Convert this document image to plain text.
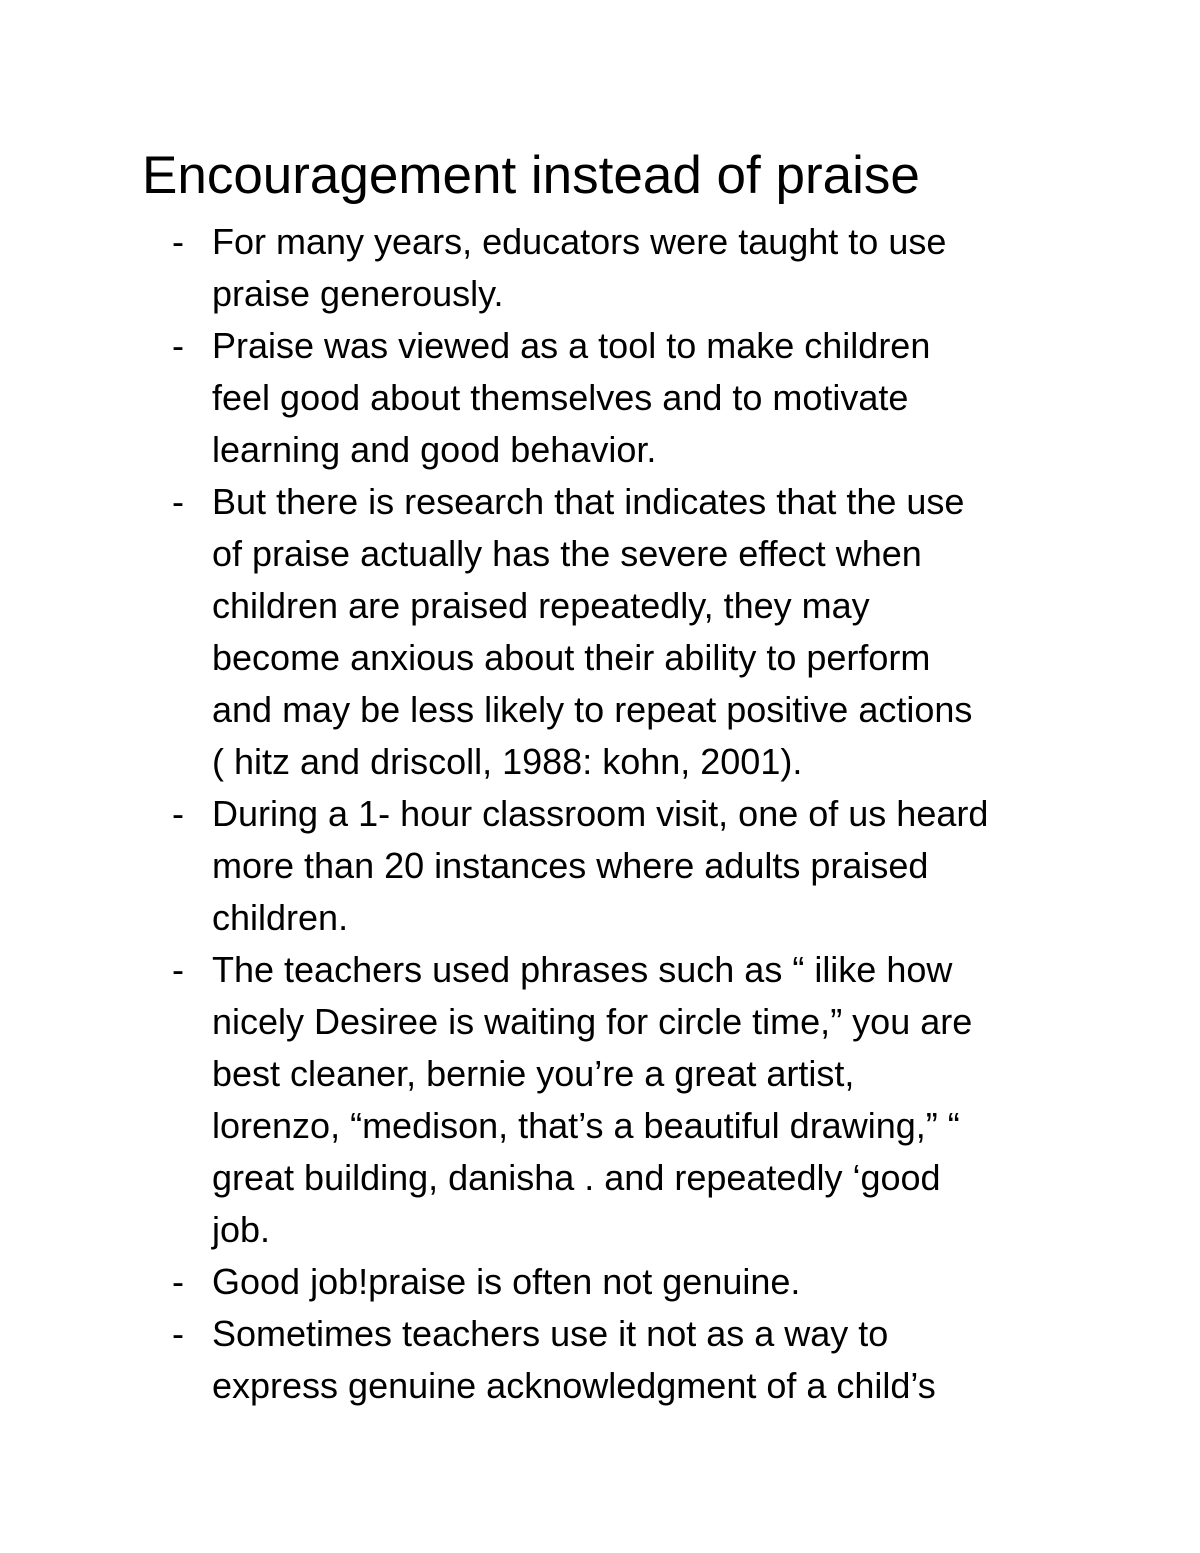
Encouragement instead of praise
- For many years, educators were taught to use
praise generously.
- Praise was viewed as a tool to make children
feel good about themselves and to motivate
learning and good behavior.
- But there is research that indicates that the use
of praise actually has the severe effect when
children are praised repeatedly, they may
become anxious about their ability to perform
and may be less likely to repeat positive actions
( hitz and driscoll, 1988: kohn, 2001).
- During a 1- hour classroom visit, one of us heard
more than 20 instances where adults praised
children.
- The teachers used phrases such as “ ilike how
nicely Desiree is waiting for circle time,” you are
best cleaner, bernie you’re a great artist,
lorenzo, “medison, that’s a beautiful drawing,” “
great building, danisha . and repeatedly ‘good
job.
- Good job!praise is often not genuine.
- Sometimes teachers use it not as a way to
express genuine acknowledgment of a child’s
